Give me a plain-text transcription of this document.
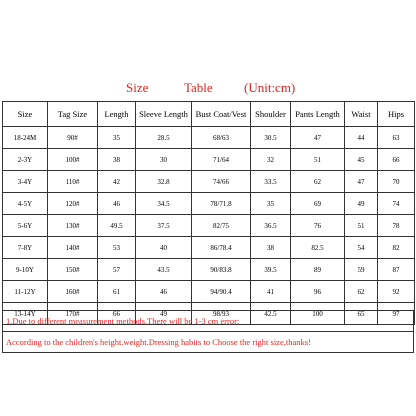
Size	Table (Unit:cm)
Size	Tag Size	Length	Sleeve Length	Bust Coat/Vest	Shoulder	Pants Length	Waist	Hips
18-24M	90#	35	28.5	68/63	30.5	47	44	63
2-3Y	100#	38	30	71/64	32	51	45	66
3-4Y	110#	42	32.8	74/66	33.5	62	47	70
4-5Y	120#	46	34.5	78/71.8	35	69	49	74
5-6Y	130#	49.5	37.5	82/75	36.5	76	51	78
7-8Y	140#	53	40	86/78.4	38	82.5	54	82
9-10Y	150#	57	43.5	90/83.8	39.5	89	59	87
11-12Y	160#	61	46	94/90.4	41	96	62	92
13-14Y	170#	66	49	98/93	42.5	100	65	97
1.Due to different measurement methods,There will be 1-3 cm error;
According to the children's height.weight.Dressing habits to Choose the right size,thanks!
